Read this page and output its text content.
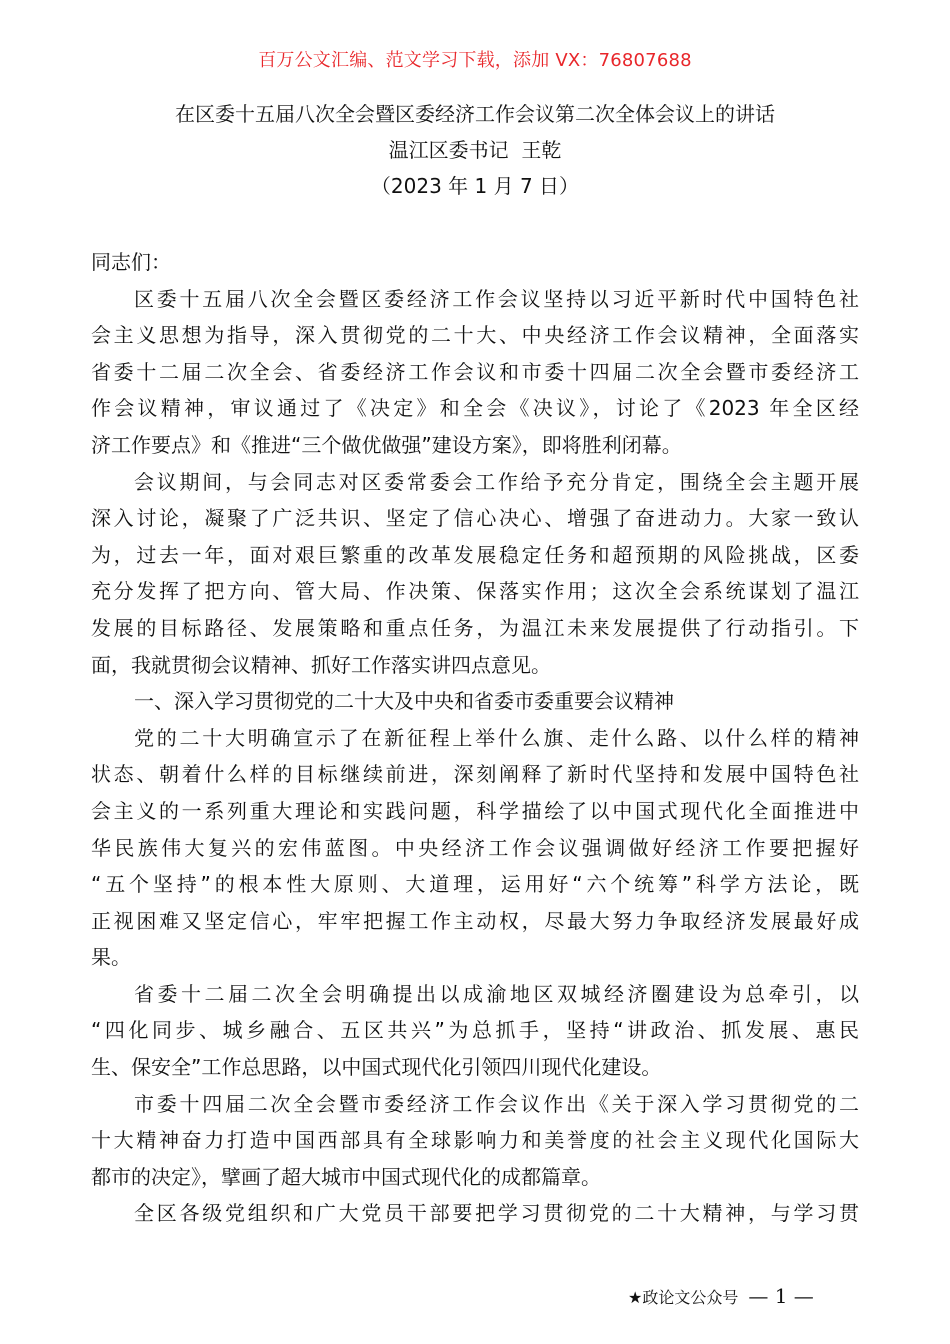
百万公文汇编、范文学习下载，添加 VX：76807688
在区委十五届八次全会暨区委经济工作会议第二次全体会议上的讲话
温江区委书记  王乾
（2023 年 1 月 7 日）
同志们：
区委十五届八次全会暨区委经济工作会议坚持以习近平新时代中国特色社
会主义思想为指导，深入贯彻党的二十大、中央经济工作会议精神，全面落实
省委十二届二次全会、省委经济工作会议和市委十四届二次全会暨市委经济工
作会议精神，审议通过了《决定》和全会《决议》，讨论了《2023 年全区经
济工作要点》和《推进“三个做优做强”建设方案》，即将胜利闭幕。
会议期间，与会同志对区委常委会工作给予充分肯定，围绕全会主题开展
深入讨论，凝聚了广泛共识、坚定了信心决心、增强了奋进动力。大家一致认
为，过去一年，面对艰巨繁重的改革发展稳定任务和超预期的风险挑战，区委
充分发挥了把方向、管大局、作决策、保落实作用；这次全会系统谋划了温江
发展的目标路径、发展策略和重点任务，为温江未来发展提供了行动指引。下
面，我就贯彻会议精神、抓好工作落实讲四点意见。
一、深入学习贯彻党的二十大及中央和省委市委重要会议精神
党的二十大明确宣示了在新征程上举什么旗、走什么路、以什么样的精神
状态、朝着什么样的目标继续前进，深刻阐释了新时代坚持和发展中国特色社
会主义的一系列重大理论和实践问题，科学描绘了以中国式现代化全面推进中
华民族伟大复兴的宏伟蓝图。中央经济工作会议强调做好经济工作要把握好
“五个坚持”的根本性大原则、大道理，运用好“六个统筹”科学方法论，既
正视困难又坚定信心，牢牢把握工作主动权，尽最大努力争取经济发展最好成
果。
省委十二届二次全会明确提出以成渝地区双城经济圈建设为总牵引，以
“四化同步、城乡融合、五区共兴”为总抓手，坚持“讲政治、抓发展、惠民
生、保安全”工作总思路，以中国式现代化引领四川现代化建设。
市委十四届二次全会暨市委经济工作会议作出《关于深入学习贯彻党的二
十大精神奋力打造中国西部具有全球影响力和美誉度的社会主义现代化国际大
都市的决定》，擘画了超大城市中国式现代化的成都篇章。
全区各级党组织和广大党员干部要把学习贯彻党的二十大精神，与学习贯
★政论文公众号 — 1 —
